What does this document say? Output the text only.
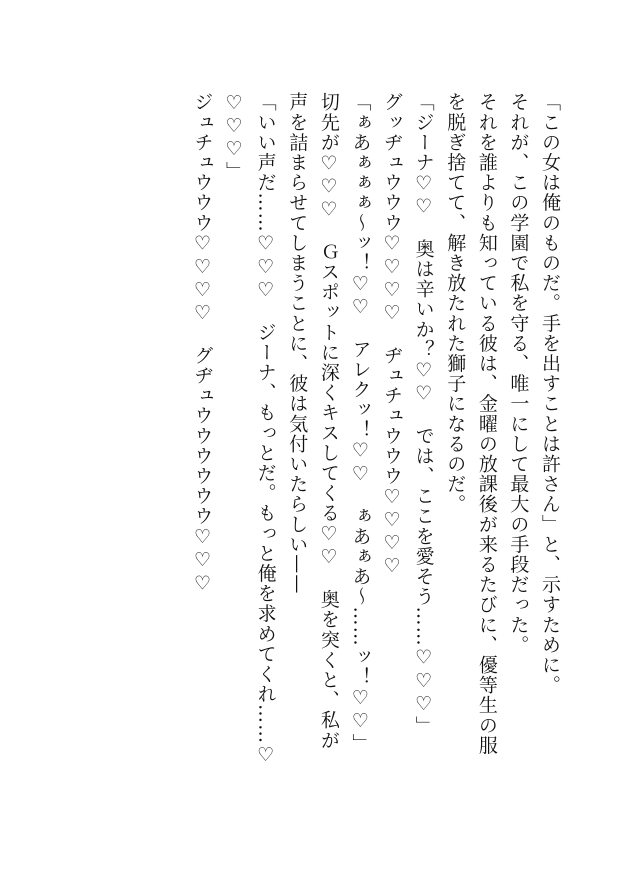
「この女は俺のものだ。手を出すことは許さん」と、示すために。
それが、この学園で私を守る、唯一にして最大の手段だった。
それを誰よりも知っている彼は、金曜の放課後が来るたびに、優等生の服
を脱ぎ捨てて、解き放たれた獅子になるのだ。
「ジーナ♡♡　奥は辛いか？♡♡　では、ここを愛そう……♡♡♡」
グッヂュウウウ♡♡♡♡　ヂュチュウウウ♡♡♡♡
「ぁあぁぁぁ〜ッ！♡♡　アレクッ！♡♡　ぁあぁあ〜……ッ！♡♡」
切先が♡♡♡　Ｇスポットに深くキスしてくる♡♡　奥を突くと、私が
声を詰まらせてしまうことに、彼は気付いたらしい——
「いい声だ……♡♡♡　ジーナ、もっとだ。もっと俺を求めてくれ……♡
♡♡♡」
ジュチュウウウ♡♡♡♡　グヂュウウウウウウ♡♡♡
